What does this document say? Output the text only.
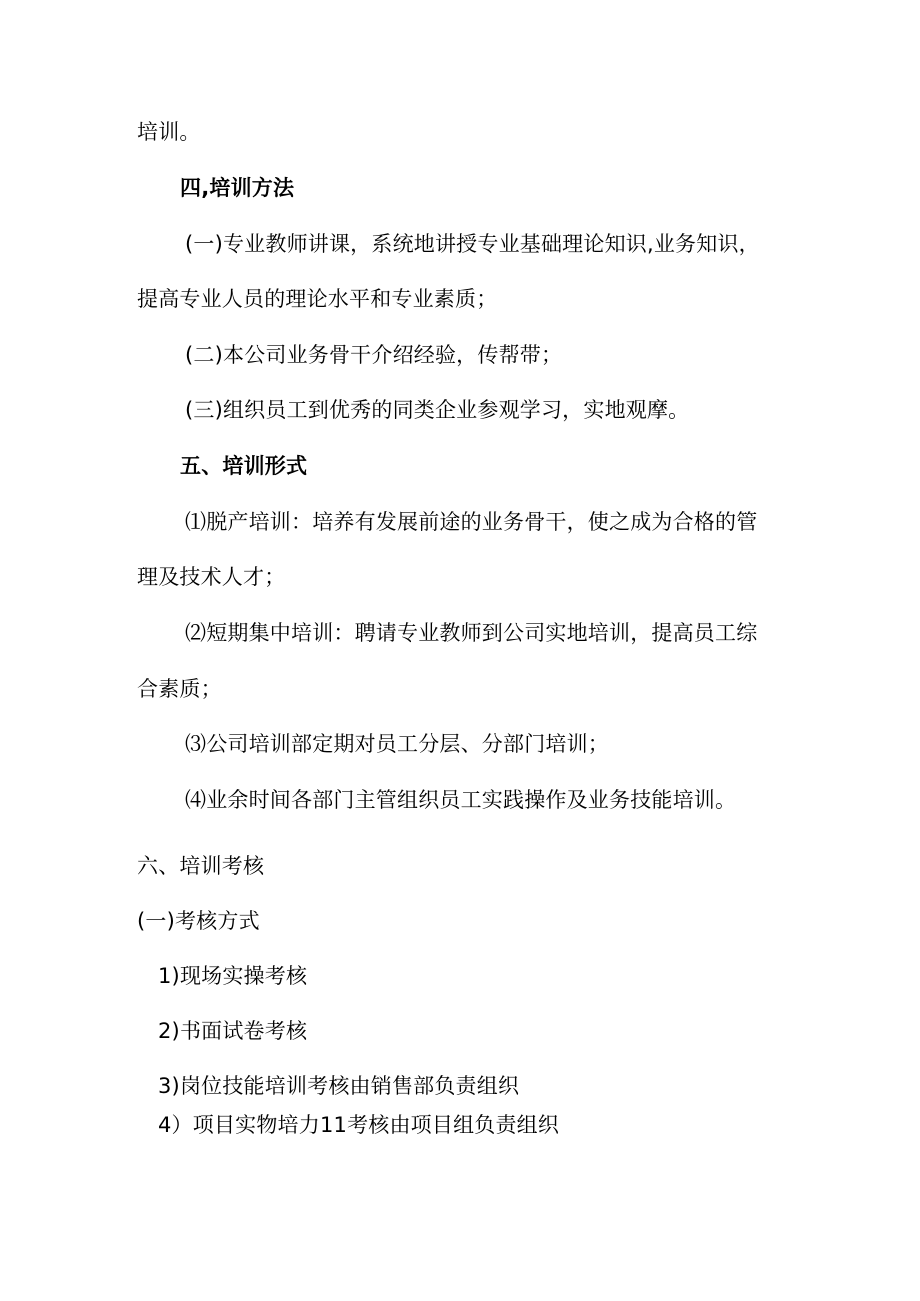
培训。
四,培训方法
(一)专业教师讲课，系统地讲授专业基础理论知识,业务知识，
提高专业人员的理论水平和专业素质；
(二)本公司业务骨干介绍经验，传帮带；
(三)组织员工到优秀的同类企业参观学习，实地观摩。
五、培训形式
⑴脱产培训：培养有发展前途的业务骨干，使之成为合格的管
理及技术人才；
⑵短期集中培训：聘请专业教师到公司实地培训，提高员工综
合素质；
⑶公司培训部定期对员工分层、分部门培训；
⑷业余时间各部门主管组织员工实践操作及业务技能培训。
六、培训考核
(一)考核方式
1)现场实操考核
2)书面试卷考核
3)岗位技能培训考核由销售部负责组织
4）项目实物培力11考核由项目组负责组织
